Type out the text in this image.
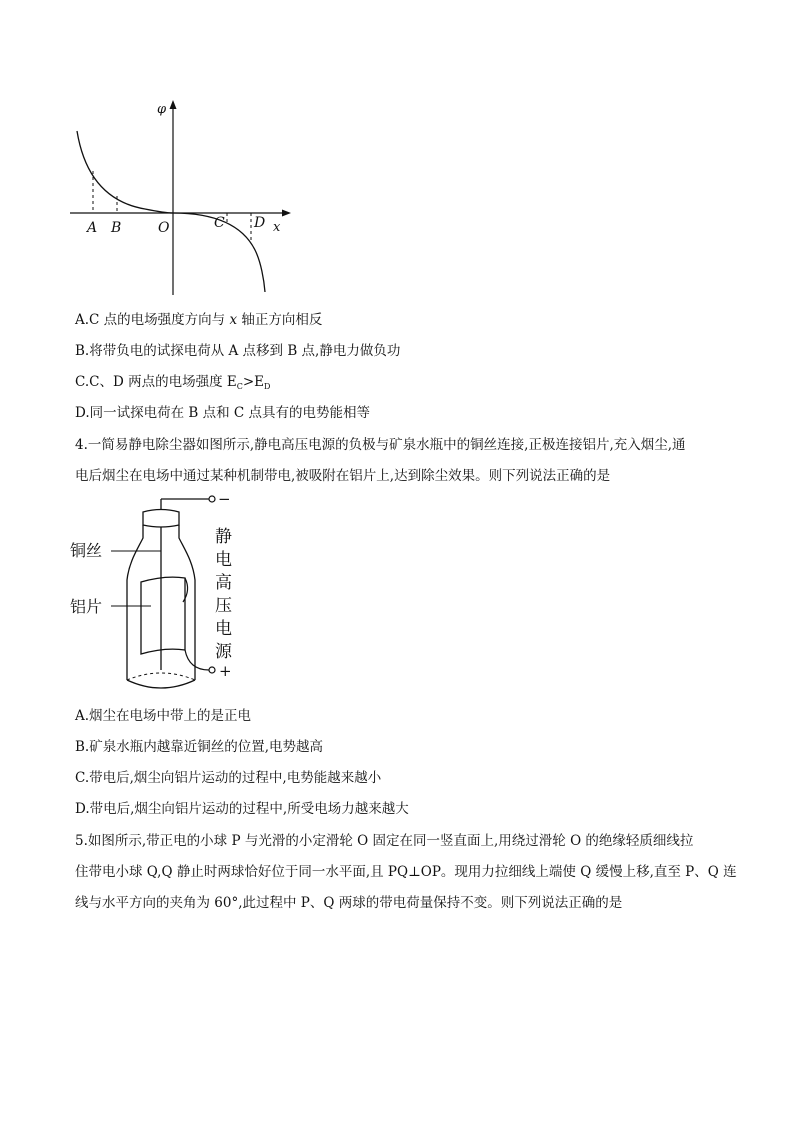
φ
x
A B	O	C D
A.C 点的电场强度方向与 x 轴正方向相反
B.将带负电的试探电荷从 A 点移到 B 点,静电力做负功
C.C、D 两点的电场强度 $E_C>E_D$
D.同一试探电荷在 B 点和 C 点具有的电势能相等
4.一简易静电除尘器如图所示,静电高压电源的负极与矿泉水瓶中的铜丝连接,正极连接铝片,充入烟尘,通
电后烟尘在电场中通过某种机制带电,被吸附在铝片上,达到除尘效果。则下列说法正确的是
−
+
铜丝
铝片
静
电
高
压
电
源
A.烟尘在电场中带上的是正电
B.矿泉水瓶内越靠近铜丝的位置,电势越高
C.带电后,烟尘向铝片运动的过程中,电势能越来越小
D.带电后,烟尘向铝片运动的过程中,所受电场力越来越大
5.如图所示,带正电的小球 P 与光滑的小定滑轮 O 固定在同一竖直面上,用绕过滑轮 O 的绝缘轻质细线拉
住带电小球 Q,Q 静止时两球恰好位于同一水平面,且 PQ⊥OP。现用力拉细线上端使 Q 缓慢上移,直至 P、Q 连
线与水平方向的夹角为 60°,此过程中 P、Q 两球的带电荷量保持不变。则下列说法正确的是
